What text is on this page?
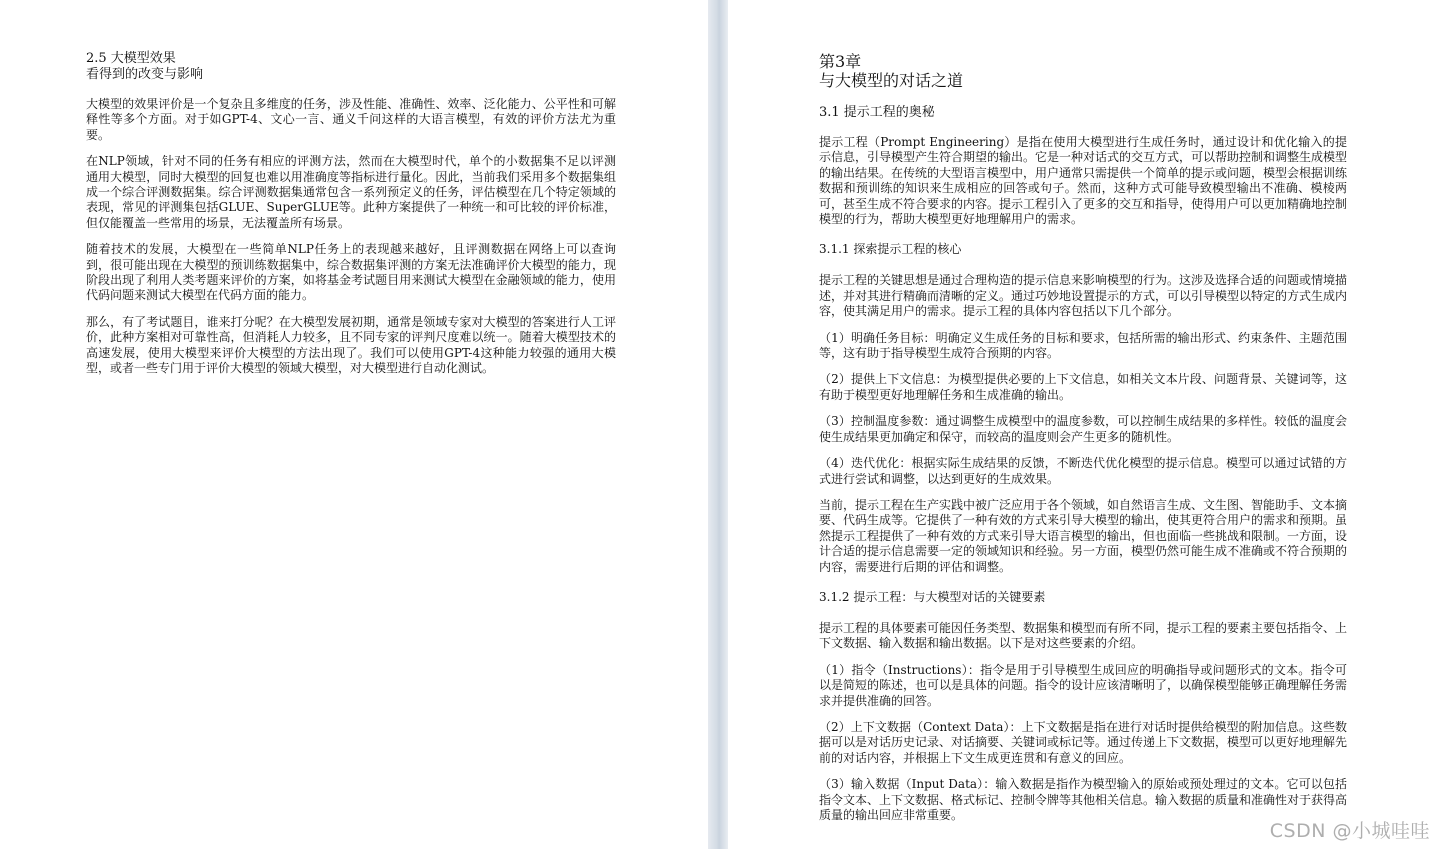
2.5 大模型效果
看得到的改变与影响

大模型的效果评价是一个复杂且多维度的任务，涉及性能、准确性、效率、泛化能力、公平性和可解释性等多个方面。对于如GPT-4、文心一言、通义千问这样的大语言模型，有效的评价方法尤为重要。

在NLP领域，针对不同的任务有相应的评测方法，然而在大模型时代，单个的小数据集不足以评测通用大模型，同时大模型的回复也难以用准确度等指标进行量化。因此，当前我们采用多个数据集组成一个综合评测数据集。综合评测数据集通常包含一系列预定义的任务，评估模型在几个特定领域的表现，常见的评测集包括GLUE、SuperGLUE等。此种方案提供了一种统一和可比较的评价标准，但仅能覆盖一些常用的场景，无法覆盖所有场景。

随着技术的发展，大模型在一些简单NLP任务上的表现越来越好，且评测数据在网络上可以查询到，很可能出现在大模型的预训练数据集中，综合数据集评测的方案无法准确评价大模型的能力，现阶段出现了利用人类考题来评价的方案，如将基金考试题目用来测试大模型在金融领域的能力，使用代码问题来测试大模型在代码方面的能力。

那么，有了考试题目，谁来打分呢？在大模型发展初期，通常是领域专家对大模型的答案进行人工评价，此种方案相对可靠性高，但消耗人力较多，且不同专家的评判尺度难以统一。随着大模型技术的高速发展，使用大模型来评价大模型的方法出现了。我们可以使用GPT-4这种能力较强的通用大模型，或者一些专门用于评价大模型的领域大模型，对大模型进行自动化测试。

第3章
与大模型的对话之道
3.1 提示工程的奥秘

提示工程（Prompt Engineering）是指在使用大模型进行生成任务时，通过设计和优化输入的提示信息，引导模型产生符合期望的输出。它是一种对话式的交互方式，可以帮助控制和调整生成模型的输出结果。在传统的大型语言模型中，用户通常只需提供一个简单的提示或问题，模型会根据训练数据和预训练的知识来生成相应的回答或句子。然而，这种方式可能导致模型输出不准确、模棱两可，甚至生成不符合要求的内容。提示工程引入了更多的交互和指导，使得用户可以更加精确地控制模型的行为，帮助大模型更好地理解用户的需求。

3.1.1 探索提示工程的核心

提示工程的关键思想是通过合理构造的提示信息来影响模型的行为。这涉及选择合适的问题或情境描述，并对其进行精确而清晰的定义。通过巧妙地设置提示的方式，可以引导模型以特定的方式生成内容，使其满足用户的需求。提示工程的具体内容包括以下几个部分。

（1）明确任务目标：明确定义生成任务的目标和要求，包括所需的输出形式、约束条件、主题范围等，这有助于指导模型生成符合预期的内容。

（2）提供上下文信息：为模型提供必要的上下文信息，如相关文本片段、问题背景、关键词等，这有助于模型更好地理解任务和生成准确的输出。

（3）控制温度参数：通过调整生成模型中的温度参数，可以控制生成结果的多样性。较低的温度会使生成结果更加确定和保守，而较高的温度则会产生更多的随机性。

（4）迭代优化：根据实际生成结果的反馈，不断迭代优化模型的提示信息。模型可以通过试错的方式进行尝试和调整，以达到更好的生成效果。

当前，提示工程在生产实践中被广泛应用于各个领域，如自然语言生成、文生图、智能助手、文本摘要、代码生成等。它提供了一种有效的方式来引导大模型的输出，使其更符合用户的需求和预期。虽然提示工程提供了一种有效的方式来引导大语言模型的输出，但也面临一些挑战和限制。一方面，设计合适的提示信息需要一定的领域知识和经验。另一方面，模型仍然可能生成不准确或不符合预期的内容，需要进行后期的评估和调整。

3.1.2 提示工程：与大模型对话的关键要素

提示工程的具体要素可能因任务类型、数据集和模型而有所不同，提示工程的要素主要包括指令、上下文数据、输入数据和输出数据。以下是对这些要素的介绍。

（1）指令（Instructions）：指令是用于引导模型生成回应的明确指导或问题形式的文本。指令可以是简短的陈述，也可以是具体的问题。指令的设计应该清晰明了，以确保模型能够正确理解任务需求并提供准确的回答。

（2）上下文数据（Context Data）：上下文数据是指在进行对话时提供给模型的附加信息。这些数据可以是对话历史记录、对话摘要、关键词或标记等。通过传递上下文数据，模型可以更好地理解先前的对话内容，并根据上下文生成更连贯和有意义的回应。

（3）输入数据（Input Data）：输入数据是指作为模型输入的原始或预处理过的文本。它可以包括指令文本、上下文数据、格式标记、控制令牌等其他相关信息。输入数据的质量和准确性对于获得高质量的输出回应非常重要。

CSDN @小城哇哇
